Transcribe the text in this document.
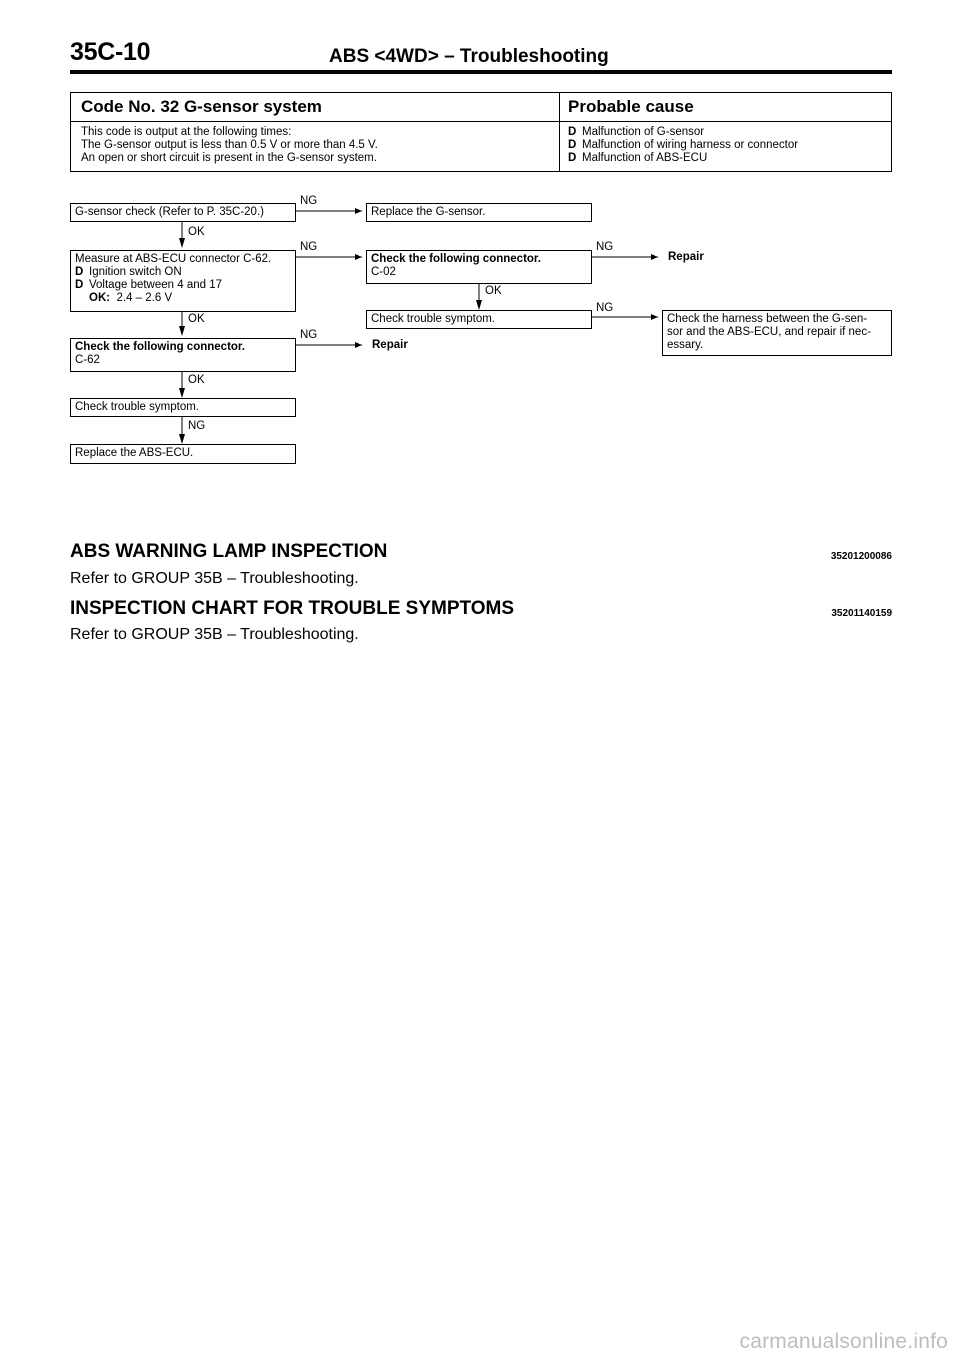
35C-10	ABS <4WD> – Troubleshooting
Code No. 32 G-sensor system	Probable cause
This code is output at the following times:
The G-sensor output is less than 0.5 V or more than 4.5 V.
An open or short circuit is present in the G-sensor system.
D Malfunction of G-sensor
D Malfunction of wiring harness or connector
D Malfunction of ABS-ECU
G-sensor check (Refer to P. 35C-20.)	Replace the G-sensor.
Measure at ABS-ECU connector C-62.
D Ignition switch ON
D Voltage between 4 and 17
OK: 2.4 – 2.6 V
Check the following connector.
C-02
Repair
Check trouble symptom.	Check the harness between the G-sen-
sor and the ABS-ECU, and repair if nec-
essary.
Check the following connector.
C-62
Repair
Check trouble symptom.
Replace the ABS-ECU.
NG
OK
NG	NG
OK
NG
OK
NG
OK
NG
ABS WARNING LAMP INSPECTION	35201200086
Refer to GROUP 35B – Troubleshooting.
INSPECTION CHART FOR TROUBLE SYMPTOMS	35201140159
Refer to GROUP 35B – Troubleshooting.
carmanualsonline.info
